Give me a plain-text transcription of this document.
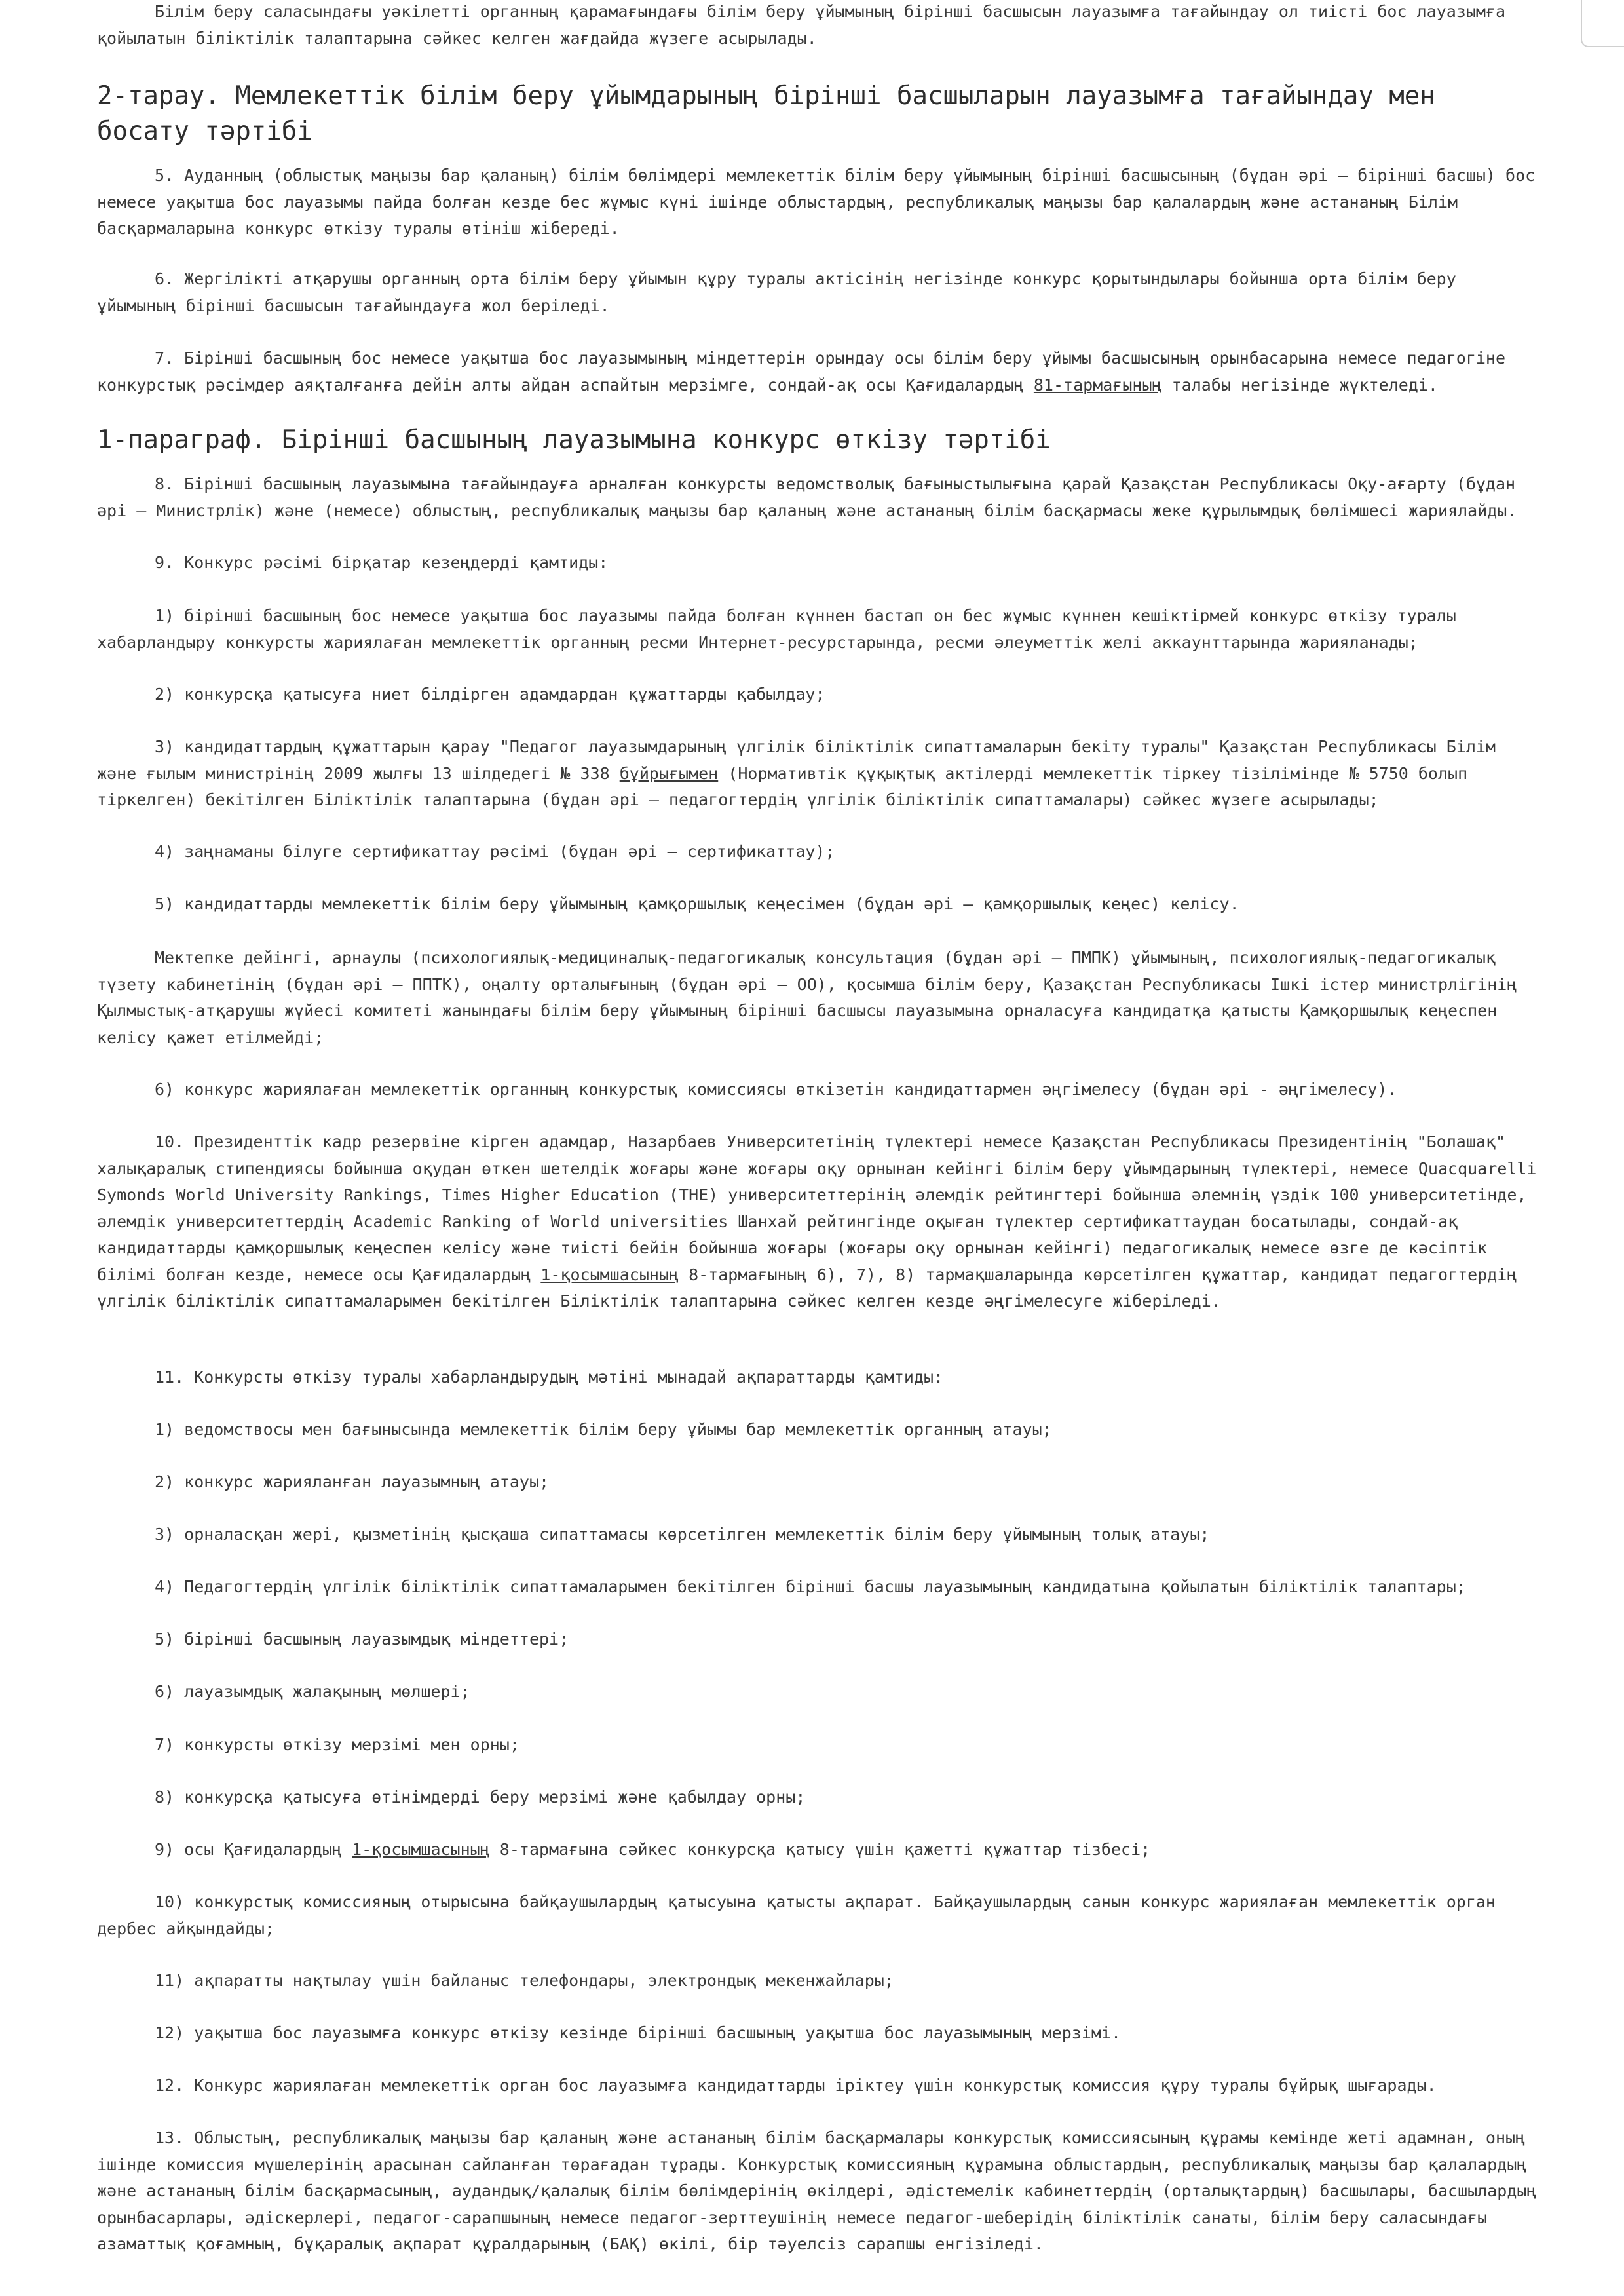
Білім беру саласындағы уәкілетті органның қарамағындағы білім беру ұйымының бірінші басшысын лауазымға тағайындау ол тиісті бос лауазымға қойылатын біліктілік талаптарына сәйкес келген жағдайда жүзеге асырылады.

2-тарау. Мемлекеттік білім беру ұйымдарының бірінші басшыларын лауазымға тағайындау мен босату тәртібі

5. Ауданның (облыстық маңызы бар қаланың) білім бөлімдері мемлекеттік білім беру ұйымының бірінші басшысының (бұдан әрі – бірінші басшы) бос немесе уақытша бос лауазымы пайда болған кезде бес жұмыс күні ішінде облыстардың, республикалық маңызы бар қалалардың және астананың Білім басқармаларына конкурс өткізу туралы өтініш жібереді.

6. Жергілікті атқарушы органның орта білім беру ұйымын құру туралы актісінің негізінде конкурс қорытындылары бойынша орта білім беру ұйымының бірінші басшысын тағайындауға жол беріледі.

7. Бірінші басшының бос немесе уақытша бос лауазымының міндеттерін орындау осы білім беру ұйымы басшысының орынбасарына немесе педагогіне конкурстық рәсімдер аяқталғанға дейін алты айдан аспайтын мерзімге, сондай-ақ осы Қағидалардың 81-тармағының талабы негізінде жүктеледі.

1-параграф. Бірінші басшының лауазымына конкурс өткізу тәртібі

8. Бірінші басшының лауазымына тағайындауға арналған конкурсты ведомстволық бағыныстылығына қарай Қазақстан Республикасы Оқу-ағарту (бұдан әрі – Министрлік) және (немесе) облыстың, республикалық маңызы бар қаланың және астананың білім басқармасы жеке құрылымдық бөлімшесі жариялайды.

9. Конкурс рәсімі бірқатар кезеңдерді қамтиды:

1) бірінші басшының бос немесе уақытша бос лауазымы пайда болған күннен бастап он бес жұмыс күннен кешіктірмей конкурс өткізу туралы хабарландыру конкурсты жариялаған мемлекеттік органның ресми Интернет-ресурстарында, ресми әлеуметтік желі аккаунттарында жарияланады;

2) конкурсқа қатысуға ниет білдірген адамдардан құжаттарды қабылдау;

3) кандидаттардың құжаттарын қарау "Педагог лауазымдарының үлгілік біліктілік сипаттамаларын бекіту туралы" Қазақстан Республикасы Білім және ғылым министрінің 2009 жылғы 13 шілдедегі № 338 бұйрығымен (Нормативтік құқықтық актілерді мемлекеттік тіркеу тізілімінде № 5750 болып тіркелген) бекітілген Біліктілік талаптарына (бұдан әрі – педагогтердің үлгілік біліктілік сипаттамалары) сәйкес жүзеге асырылады;

4) заңнаманы білуге сертификаттау рәсімі (бұдан әрі – сертификаттау);

5) кандидаттарды мемлекеттік білім беру ұйымының қамқоршылық кеңесімен (бұдан әрі – қамқоршылық кеңес) келісу.

Мектепке дейінгі, арнаулы (психологиялық-медициналық-педагогикалық консультация (бұдан әрі – ПМПК) ұйымының, психологиялық-педагогикалық түзету кабинетінің (бұдан әрі – ППТК), оңалту орталығының (бұдан әрі – ОО), қосымша білім беру, Қазақстан Республикасы Ішкі істер министрлігінің Қылмыстық-атқарушы жүйесі комитеті жанындағы білім беру ұйымының бірінші басшысы лауазымына орналасуға кандидатқа қатысты Қамқоршылық кеңеспен келісу қажет етілмейді;

6) конкурс жариялаған мемлекеттік органның конкурстық комиссиясы өткізетін кандидаттармен әңгімелесу (бұдан әрі - әңгімелесу).

10. Президенттік кадр резервіне кірген адамдар, Назарбаев Университетінің түлектері немесе Қазақстан Республикасы Президентінің "Болашақ" халықаралық стипендиясы бойынша оқудан өткен шетелдік жоғары және жоғары оқу орнынан кейінгі білім беру ұйымдарының түлектері, немесе Quacquarelli Symonds World University Rankings, Times Higher Education (THE) университеттерінің әлемдік рейтингтері бойынша әлемнің үздік 100 университетінде, әлемдік университеттердің Academic Ranking of World universities Шанхай рейтингінде оқыған түлектер сертификаттаудан босатылады, сондай-ақ кандидаттарды қамқоршылық кеңеспен келісу және тиісті бейін бойынша жоғары (жоғары оқу орнынан кейінгі) педагогикалық немесе өзге де кәсіптік білімі болған кезде, немесе осы Қағидалардың 1-қосымшасының 8-тармағының 6), 7), 8) тармақшаларында көрсетілген құжаттар, кандидат педагогтердің үлгілік біліктілік сипаттамаларымен бекітілген Біліктілік талаптарына сәйкес келген кезде әңгімелесуге жіберіледі.

11. Конкурсты өткізу туралы хабарландырудың мәтіні мынадай ақпараттарды қамтиды:

1) ведомствосы мен бағынысында мемлекеттік білім беру ұйымы бар мемлекеттік органның атауы;

2) конкурс жарияланған лауазымның атауы;

3) орналасқан жері, қызметінің қысқаша сипаттамасы көрсетілген мемлекеттік білім беру ұйымының толық атауы;

4) Педагогтердің үлгілік біліктілік сипаттамаларымен бекітілген бірінші басшы лауазымының кандидатына қойылатын біліктілік талаптары;

5) бірінші басшының лауазымдық міндеттері;

6) лауазымдық жалақының мөлшері;

7) конкурсты өткізу мерзімі мен орны;

8) конкурсқа қатысуға өтінімдерді беру мерзімі және қабылдау орны;

9) осы Қағидалардың 1-қосымшасының 8-тармағына сәйкес конкурсқа қатысу үшін қажетті құжаттар тізбесі;

10) конкурстық комиссияның отырысына байқаушылардың қатысуына қатысты ақпарат. Байқаушылардың санын конкурс жариялаған мемлекеттік орган дербес айқындайды;

11) ақпаратты нақтылау үшін байланыс телефондары, электрондық мекенжайлары;

12) уақытша бос лауазымға конкурс өткізу кезінде бірінші басшының уақытша бос лауазымының мерзімі.

12. Конкурс жариялаған мемлекеттік орган бос лауазымға кандидаттарды іріктеу үшін конкурстық комиссия құру туралы бұйрық шығарады.

13. Облыстың, республикалық маңызы бар қаланың және астананың білім басқармалары конкурстық комиссиясының құрамы кемінде жеті адамнан, оның ішінде комиссия мүшелерінің арасынан сайланған төрағадан тұрады. Конкурстық комиссияның құрамына облыстардың, республикалық маңызы бар қалалардың және астананың білім басқармасының, аудандық/қалалық білім бөлімдерінің өкілдері, әдістемелік кабинеттердің (орталықтардың) басшылары, басшылардың орынбасарлары, әдіскерлері, педагог-сарапшының немесе педагог-зерттеушінің немесе педагог-шеберідің біліктілік санаты, білім беру саласындағы азаматтық қоғамның, бұқаралық ақпарат құралдарының (БАҚ) өкілі, бір тәуелсіз сарапшы енгізіледі.
